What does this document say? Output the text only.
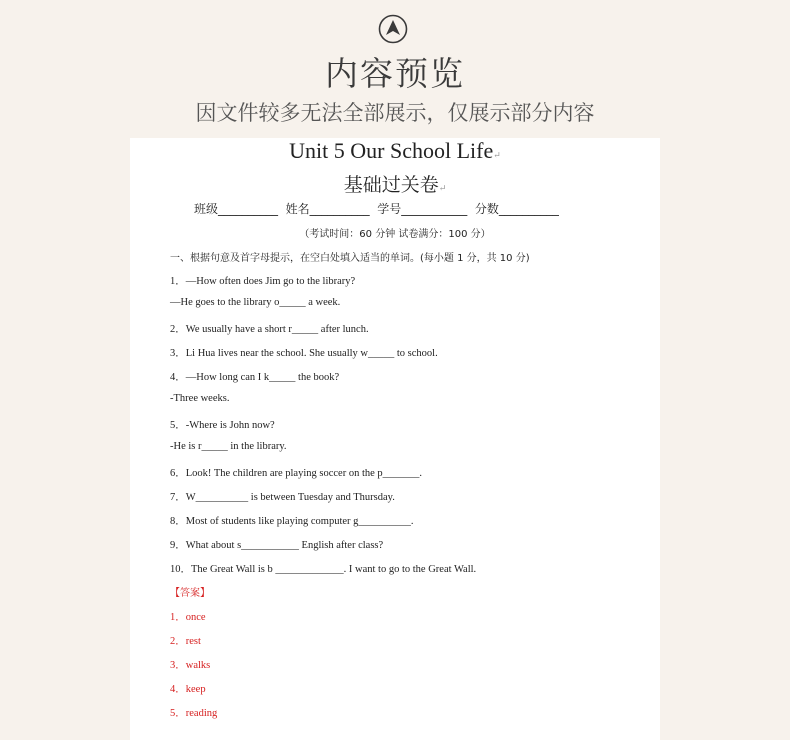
内容预览
因文件较多无法全部展示，仅展示部分内容
Unit 5 Our School Life↵
基础过关卷↵
班级__________  姓名__________  学号___________  分数__________
（考试时间：60 分钟 试卷满分：100 分）
一、根据句意及首字母提示，在空白处填入适当的单词。(每小题 1 分，共 10 分)
1．—How often does Jim go to the library?
—He goes to the library o_____ a week.
2．We usually have a short r_____ after lunch.
3．Li Hua lives near the school. She usually w_____ to school.
4．—How long can I k_____ the book?
-Three weeks.
5．-Where is John now?
-He is r_____ in the library.
6．Look! The children are playing soccer on the p_______.
7．W__________ is between Tuesday and Thursday.
8．Most of students like playing computer g__________.
9．What about s___________ English after class?
10．The Great Wall is b _____________. I want to go to the Great Wall.
【答案】
1．once
2．rest
3．walks
4．keep
5．reading
